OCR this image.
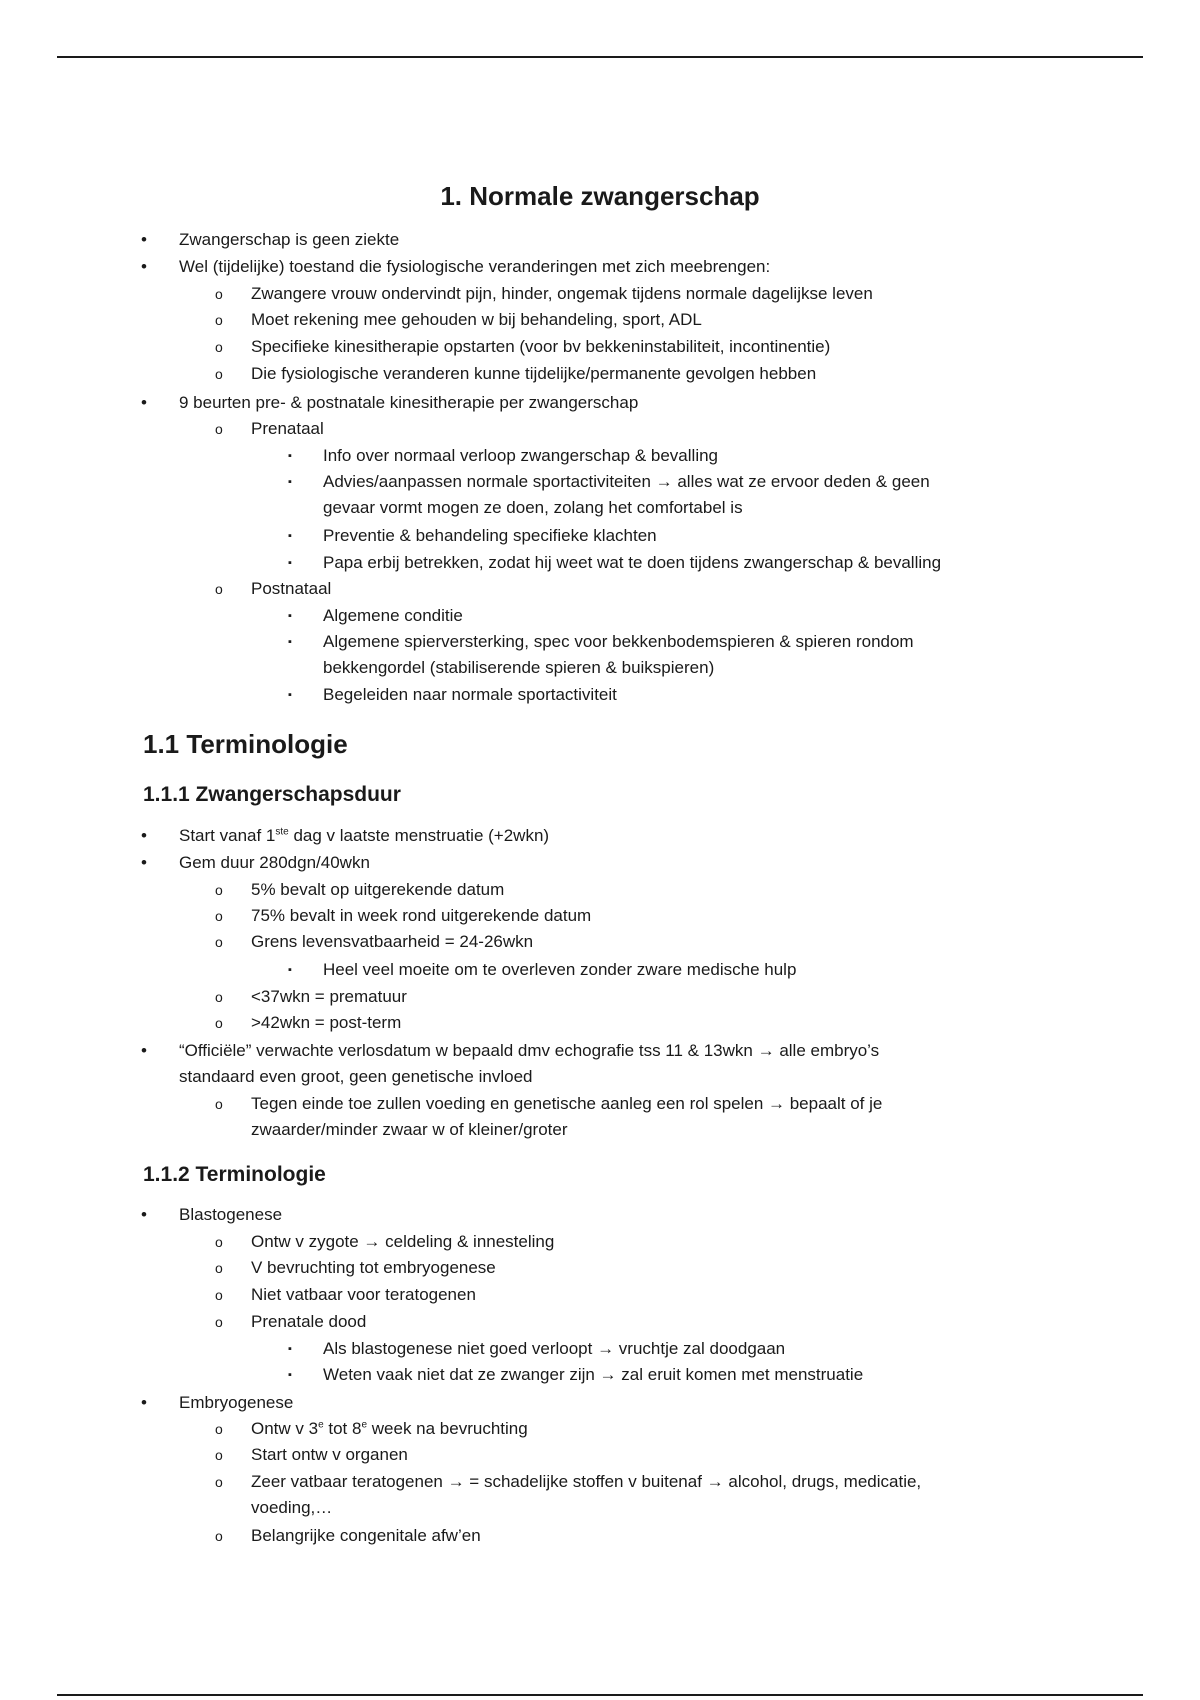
1. Normale zwangerschap
• Zwangerschap is geen ziekte
• Wel (tijdelijke) toestand die fysiologische veranderingen met zich meebrengen:
o Zwangere vrouw ondervindt pijn, hinder, ongemak tijdens normale dagelijkse leven
o Moet rekening mee gehouden w bij behandeling, sport, ADL
o Specifieke kinesitherapie opstarten (voor bv bekkeninstabiliteit, incontinentie)
o Die fysiologische veranderen kunne tijdelijke/permanente gevolgen hebben
• 9 beurten pre- & postnatale kinesitherapie per zwangerschap
o Prenataal
▪ Info over normaal verloop zwangerschap & bevalling
▪ Advies/aanpassen normale sportactiviteiten → alles wat ze ervoor deden & geen
gevaar vormt mogen ze doen, zolang het comfortabel is
▪ Preventie & behandeling specifieke klachten
▪ Papa erbij betrekken, zodat hij weet wat te doen tijdens zwangerschap & bevalling
o Postnataal
▪ Algemene conditie
▪ Algemene spierversterking, spec voor bekkenbodemspieren & spieren rondom
bekkengordel (stabiliserende spieren & buikspieren)
▪ Begeleiden naar normale sportactiviteit
1.1 Terminologie
1.1.1 Zwangerschapsduur
• Start vanaf 1ste dag v laatste menstruatie (+2wkn)
• Gem duur 280dgn/40wkn
o 5% bevalt op uitgerekende datum
o 75% bevalt in week rond uitgerekende datum
o Grens levensvatbaarheid = 24-26wkn
▪ Heel veel moeite om te overleven zonder zware medische hulp
o <37wkn = prematuur
o >42wkn = post-term
• “Officiële” verwachte verlosdatum w bepaald dmv echografie tss 11 & 13wkn → alle embryo’s
standaard even groot, geen genetische invloed
o Tegen einde toe zullen voeding en genetische aanleg een rol spelen → bepaalt of je
zwaarder/minder zwaar w of kleiner/groter
1.1.2 Terminologie
• Blastogenese
o Ontw v zygote → celdeling & innesteling
o V bevruchting tot embryogenese
o Niet vatbaar voor teratogenen
o Prenatale dood
▪ Als blastogenese niet goed verloopt → vruchtje zal doodgaan
▪ Weten vaak niet dat ze zwanger zijn → zal eruit komen met menstruatie
• Embryogenese
o Ontw v 3e tot 8e week na bevruchting
o Start ontw v organen
o Zeer vatbaar teratogenen → = schadelijke stoffen v buitenaf → alcohol, drugs, medicatie,
voeding,…
o Belangrijke congenitale afw’en
